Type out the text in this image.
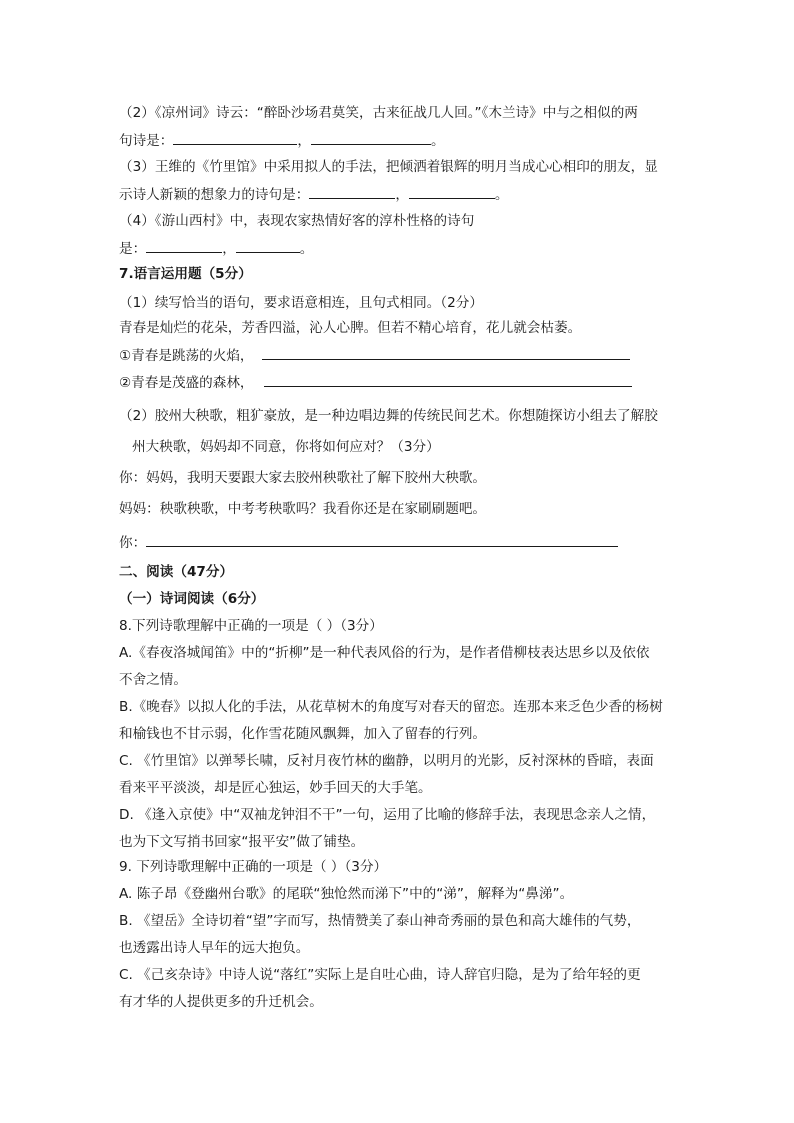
（2）《凉州词》诗云：“醉卧沙场君莫笑，古来征战几人回。”《木兰诗》中与之相似的两
句诗是：	，	。
（3）王维的《竹里馆》中采用拟人的手法，把倾洒着银辉的明月当成心心相印的朋友，显
示诗人新颖的想象力的诗句是：	，	。
（4）《游山西村》中，表现农家热情好客的淳朴性格的诗句
是：	，	。
7.语言运用题（5分）
（1）续写恰当的语句，要求语意相连，且句式相同。（2分）
青春是灿烂的花朵，芳香四溢，沁人心脾。但若不精心培育，花儿就会枯萎。
①青春是跳荡的火焰，
②青春是茂盛的森林，
（2）胶州大秧歌，粗犷豪放，是一种边唱边舞的传统民间艺术。你想随探访小组去了解胶
州大秧歌，妈妈却不同意，你将如何应对？（3分）
你：妈妈，我明天要跟大家去胶州秧歌社了解下胶州大秧歌。
妈妈：秧歌秧歌，中考考秧歌吗？我看你还是在家刷刷题吧。
你：
二、阅读（47分）
（一）诗词阅读（6分）
8.下列诗歌理解中正确的一项是（ ）（3分）
A.《春夜洛城闻笛》中的“折柳”是一种代表风俗的行为，是作者借柳枝表达思乡以及依依
不舍之情。
B.《晚春》以拟人化的手法，从花草树木的角度写对春天的留恋。连那本来乏色少香的杨树
和榆钱也不甘示弱，化作雪花随风飘舞，加入了留春的行列。
C. 《竹里馆》以弹琴长啸，反衬月夜竹林的幽静，以明月的光影，反衬深林的昏暗，表面
看来平平淡淡，却是匠心独运，妙手回天的大手笔。
D. 《逢入京使》中“双袖龙钟泪不干”一句，运用了比喻的修辞手法，表现思念亲人之情，
也为下文写捎书回家“报平安”做了铺垫。
9. 下列诗歌理解中正确的一项是（ ）（3分）
A. 陈子昂《登幽州台歌》的尾联“独怆然而涕下”中的“涕”，解释为“鼻涕”。
B. 《望岳》全诗切着“望”字而写，热情赞美了泰山神奇秀丽的景色和高大雄伟的气势，
也透露出诗人早年的远大抱负。
C. 《己亥杂诗》中诗人说“落红”实际上是自吐心曲，诗人辞官归隐，是为了给年轻的更
有才华的人提供更多的升迁机会。
